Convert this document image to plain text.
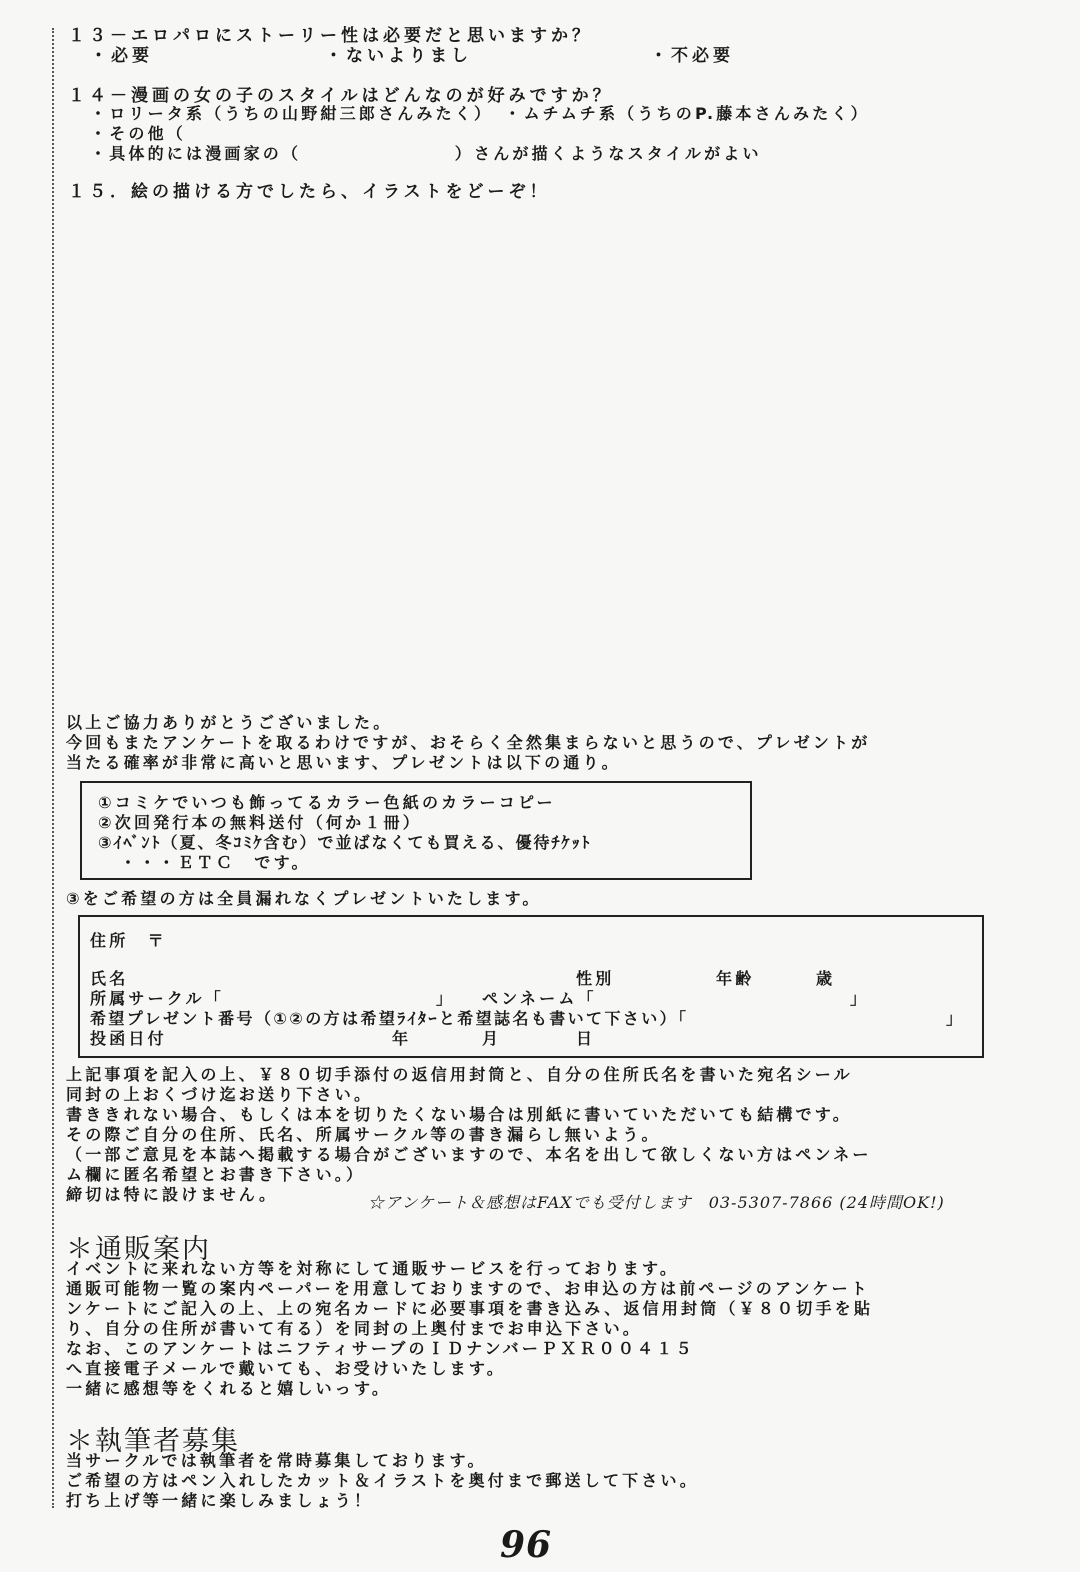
１３－エロパロにストーリー性は必要だと思いますか？
・必要	・ないよりまし	・不必要
１４－漫画の女の子のスタイルはどんなのが好みですか？
・ロリータ系（うちの山野紺三郎さんみたく）　・ムチムチ系（うちのP.藤本さんみたく）
・その他（
・具体的には漫画家の（　　　　　　　　）さんが描くようなスタイルがよい
１５．絵の描ける方でしたら、イラストをどーぞ！
以上ご協力ありがとうございました。
今回もまたアンケートを取るわけですが、おそらく全然集まらないと思うので、プレゼントが
当たる確率が非常に高いと思います、プレゼントは以下の通り。
①コミケでいつも飾ってるカラー色紙のカラーコピー
②次回発行本の無料送付（何か１冊）
③ｲﾍﾞﾝﾄ（夏、冬ｺﾐｹ含む）で並ばなくても買える、優待ﾁｹｯﾄ
・・・ＥＴＣ　です。
③をご希望の方は全員漏れなくプレゼントいたします。
住所　〒
氏名	性別	年齢	歳
所属サークル「	」 ペンネーム「	」
希望プレゼント番号（①②の方は希望ﾗｲﾀｰと希望誌名も書いて下さい）「	」
投函日付	年	月	日
上記事項を記入の上、￥８０切手添付の返信用封筒と、自分の住所氏名を書いた宛名シール
同封の上おくづけ迄お送り下さい。
書ききれない場合、もしくは本を切りたくない場合は別紙に書いていただいても結構です。
その際ご自分の住所、氏名、所属サークル等の書き漏らし無いよう。
（一部ご意見を本誌へ掲載する場合がございますので、本名を出して欲しくない方はペンネー
ム欄に匿名希望とお書き下さい。）
締切は特に設けません。	☆アンケート＆感想はFAXでも受付します　03-5307-7866 (24時間OK!)
＊通販案内
イベントに来れない方等を対称にして通販サービスを行っております。
通販可能物一覧の案内ペーパーを用意しておりますので、お申込の方は前ページのアンケート
ンケートにご記入の上、上の宛名カードに必要事項を書き込み、返信用封筒（￥８０切手を貼
り、自分の住所が書いて有る）を同封の上奥付までお申込下さい。
なお、このアンケートはニフティサーブのＩＤナンバーＰＸＲ００４１５
へ直接電子メールで戴いても、お受けいたします。
一緒に感想等をくれると嬉しいっす。
＊執筆者募集
当サークルでは執筆者を常時募集しております。
ご希望の方はペン入れしたカット＆イラストを奥付まで郵送して下さい。
打ち上げ等一緒に楽しみましょう！
96
